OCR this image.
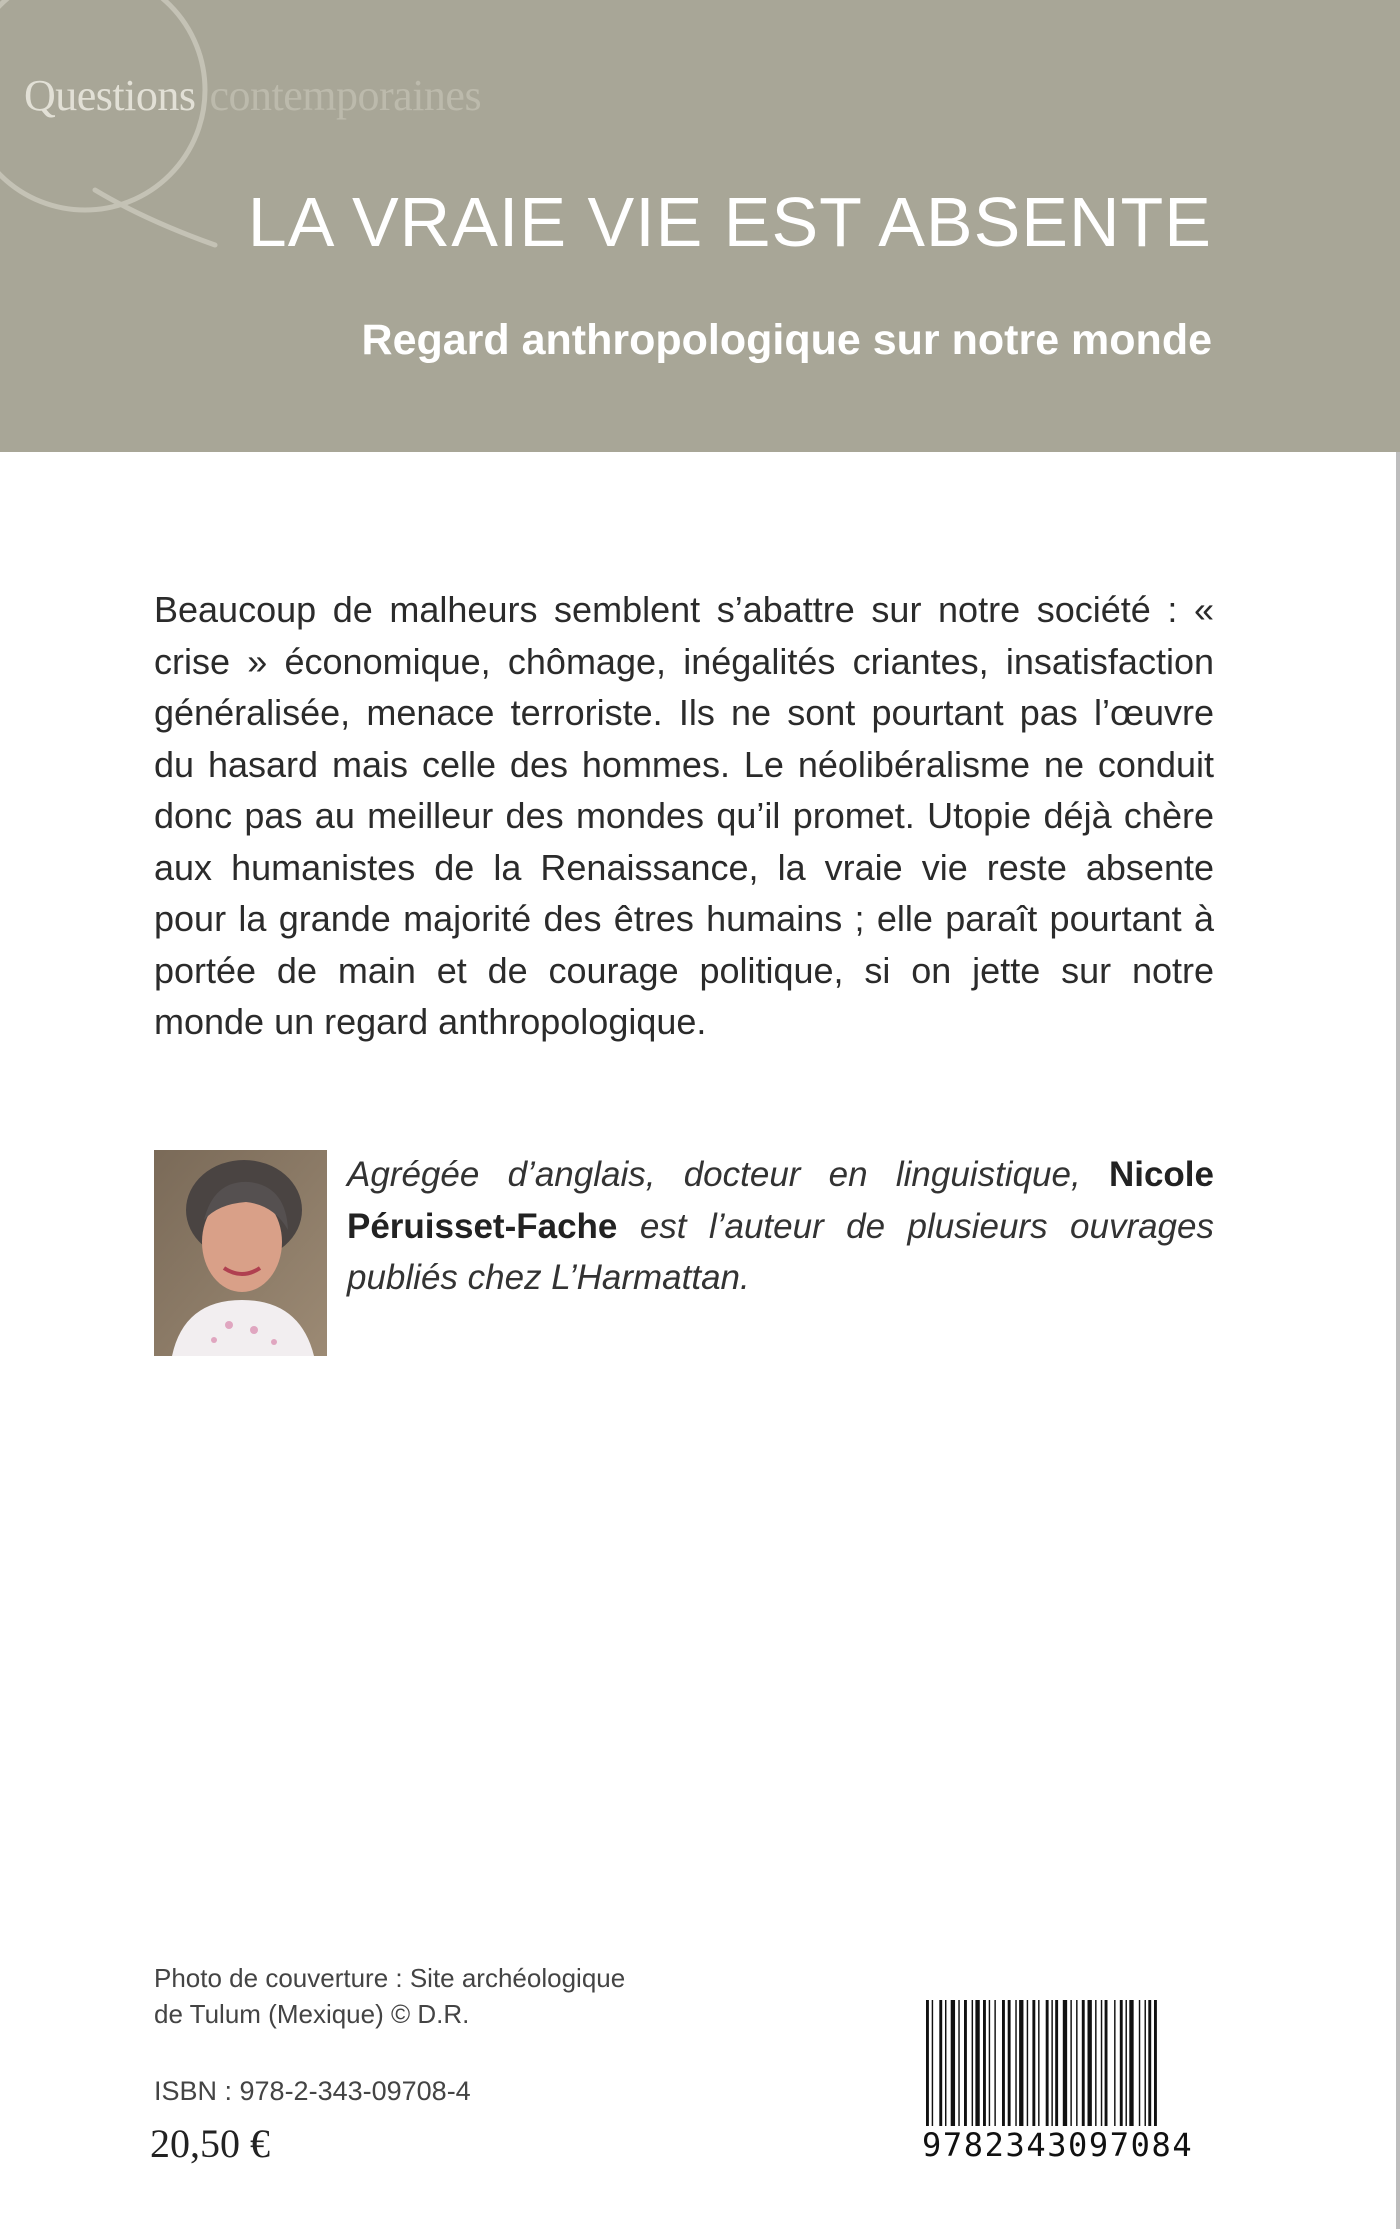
Questions contemporaines
LA VRAIE VIE EST ABSENTE
Regard anthropologique sur notre monde

Beaucoup de malheurs semblent s’abattre sur notre société : « crise » économique, chômage, inégalités criantes, insatisfaction généralisée, menace terroriste. Ils ne sont pourtant pas l’œuvre du hasard mais celle des hommes. Le néolibéralisme ne conduit donc pas au meilleur des mondes qu’il promet. Utopie déjà chère aux humanistes de la Renaissance, la vraie vie reste absente pour la grande majorité des êtres humains ; elle paraît pourtant à portée de main et de courage politique, si on jette sur notre monde un regard anthropologique.

Agrégée d’anglais, docteur en linguistique, Nicole Péruisset-Fache est l’auteur de plusieurs ouvrages publiés chez L’Harmattan.

Photo de couverture : Site archéologique
de Tulum (Mexique) © D.R.
ISBN : 978-2-343-09708-4
20,50 €	9782343097084
